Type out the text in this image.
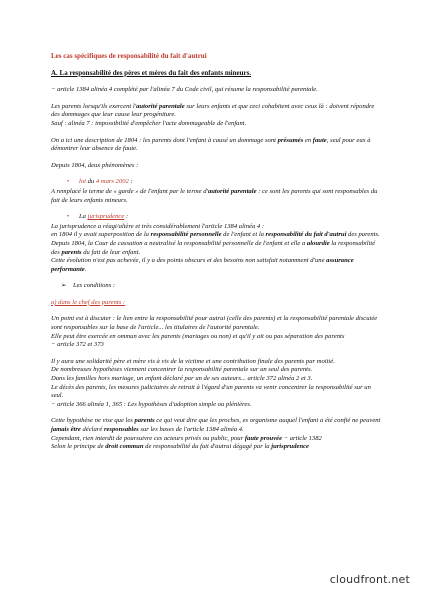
Les cas spécifiques de responsabilité du fait d'autrui
A. La responsabilité des pères et mères du fait des enfants mineurs.

− article 1384 alinéa 4 complété par l'alinéa 7 du Code civil, qui résume la responsabilité parentale.

Les parents lorsqu'ils exercent l'autorité parentale sur leurs enfants et que ceci cohabitent avec ceux là : doivent répondre des dommages que leur cause leur progéniture.
Sauf : alinéa 7 : impossibilité d'empêcher l'acte dommageable de l'enfant.

On a ici une description de 1804 : les parents dont l'enfant à causé un dommage sont présumés en faute, seul pour eux à démontrer leur absence de faute.

Depuis 1804, deux phénomènes :

•	loi du 4 mars 2002 :

A remplacé le terme de « garde » de l'enfant par le terme d'autorité parentale : ce sont les parents qui sont responsables du fait de leurs enfants mineurs.

•	La jurisprudence :

La jurisprudence a réagi/altère et très considérablement l'article 1384 alinéa 4 :
en 1804 il y avait superposition de la responsabilité personnelle de l'enfant et la responsabilité du fait d'autrui des parents.
Depuis 1804, la Cour de cassation a neutralisé la responsabilité personnelle de l'enfant et elle a alourdie la responsabilité des parents du fait de leur enfant.
Cette évolution n'est pas achevée, il y a des points obscurs et des besoins non satisfait notamment d'une assurance performante.

➢ Les conditions :
a) dans le chef des parents :

Un point est à discuter : le lien entre la responsabilité pour autrui (celle des parents) et la responsabilité parentale discutée sont responsables sur la base de l'article... les titulaires de l'autorité parentale.
Elle peut être exercée en ommun avec les parents (mariages ou non) et qu'il y ait ou pas séparation des parents
− article 372 et 373

Il y aura une solidarité père et mère vis à vis de la victime et une contribution finale des parents par moitié.
De nombreuses hypothèses viennent concentrer la responsabilité parentale sur un seul des parents.
Dans les familles hors mariage, un enfant déclaré par un de ses auteurs... article 372 alinéa 2 et 3.
Le décès des parents, les mesures judiciaires de retrait à l'égard d'un parents va venir concentrer la responsabilité sur un seul.
− article 366 alinéa 1, 365 : Les hypothèses d'adoption simple ou plénières.

Cette hypothèse ne vise que les parents ce qui veut dire que les proches, es organisme auquel l'enfant a été confié ne peuvent jamais être déclaré responsables sur les bases de l'article 1384 alinéa 4.
Cependant, rien interdit de poursuivre ces acteurs privés ou public, pour faute prouvée − article 1382
Selon le principe de droit commun de responsabilité du fait d'autrui dégagé par la jurisprudence

cloudfront.net
